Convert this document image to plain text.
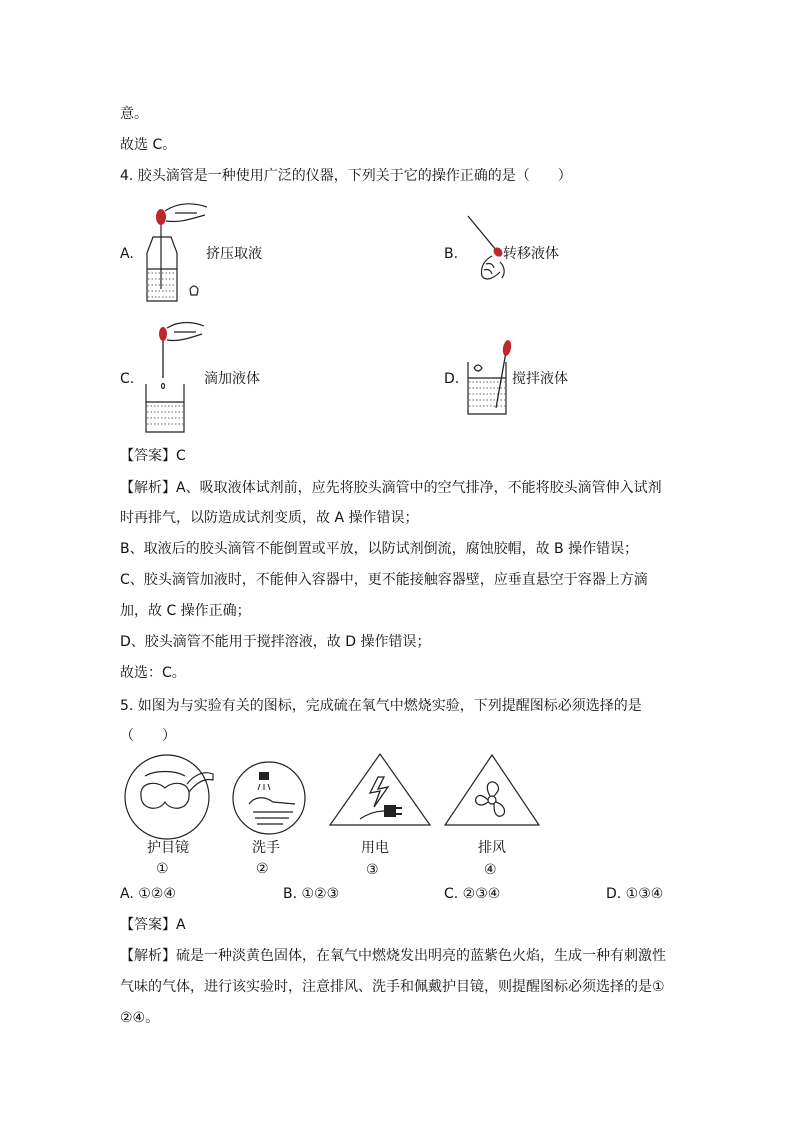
意。
故选 C。
4. 胶头滴管是一种使用广泛的仪器，下列关于它的操作正确的是（　　）
A.	挤压取液	B.	转移液体
C.	滴加液体	D.	搅拌液体
【答案】C
【解析】A、吸取液体试剂前，应先将胶头滴管中的空气排净，不能将胶头滴管伸入试剂
时再排气，以防造成试剂变质，故 A 操作错误；
B、取液后的胶头滴管不能倒置或平放，以防试剂倒流，腐蚀胶帽，故 B 操作错误；
C、胶头滴管加液时，不能伸入容器中，更不能接触容器壁，应垂直悬空于容器上方滴
加，故 C 操作正确；
D、胶头滴管不能用于搅拌溶液，故 D 操作错误；
故选：C。
5. 如图为与实验有关的图标，完成硫在氧气中燃烧实验，下列提醒图标必须选择的是
（　　）
护目镜
①
洗手
②
用电
③
排风
④
A. ①②④	B. ①②③	C. ②③④	D. ①③④
【答案】A
【解析】硫是一种淡黄色固体，在氧气中燃烧发出明亮的蓝紫色火焰，生成一种有刺激性
气味的气体，进行该实验时，注意排风、洗手和佩戴护目镜，则提醒图标必须选择的是①
②④。
